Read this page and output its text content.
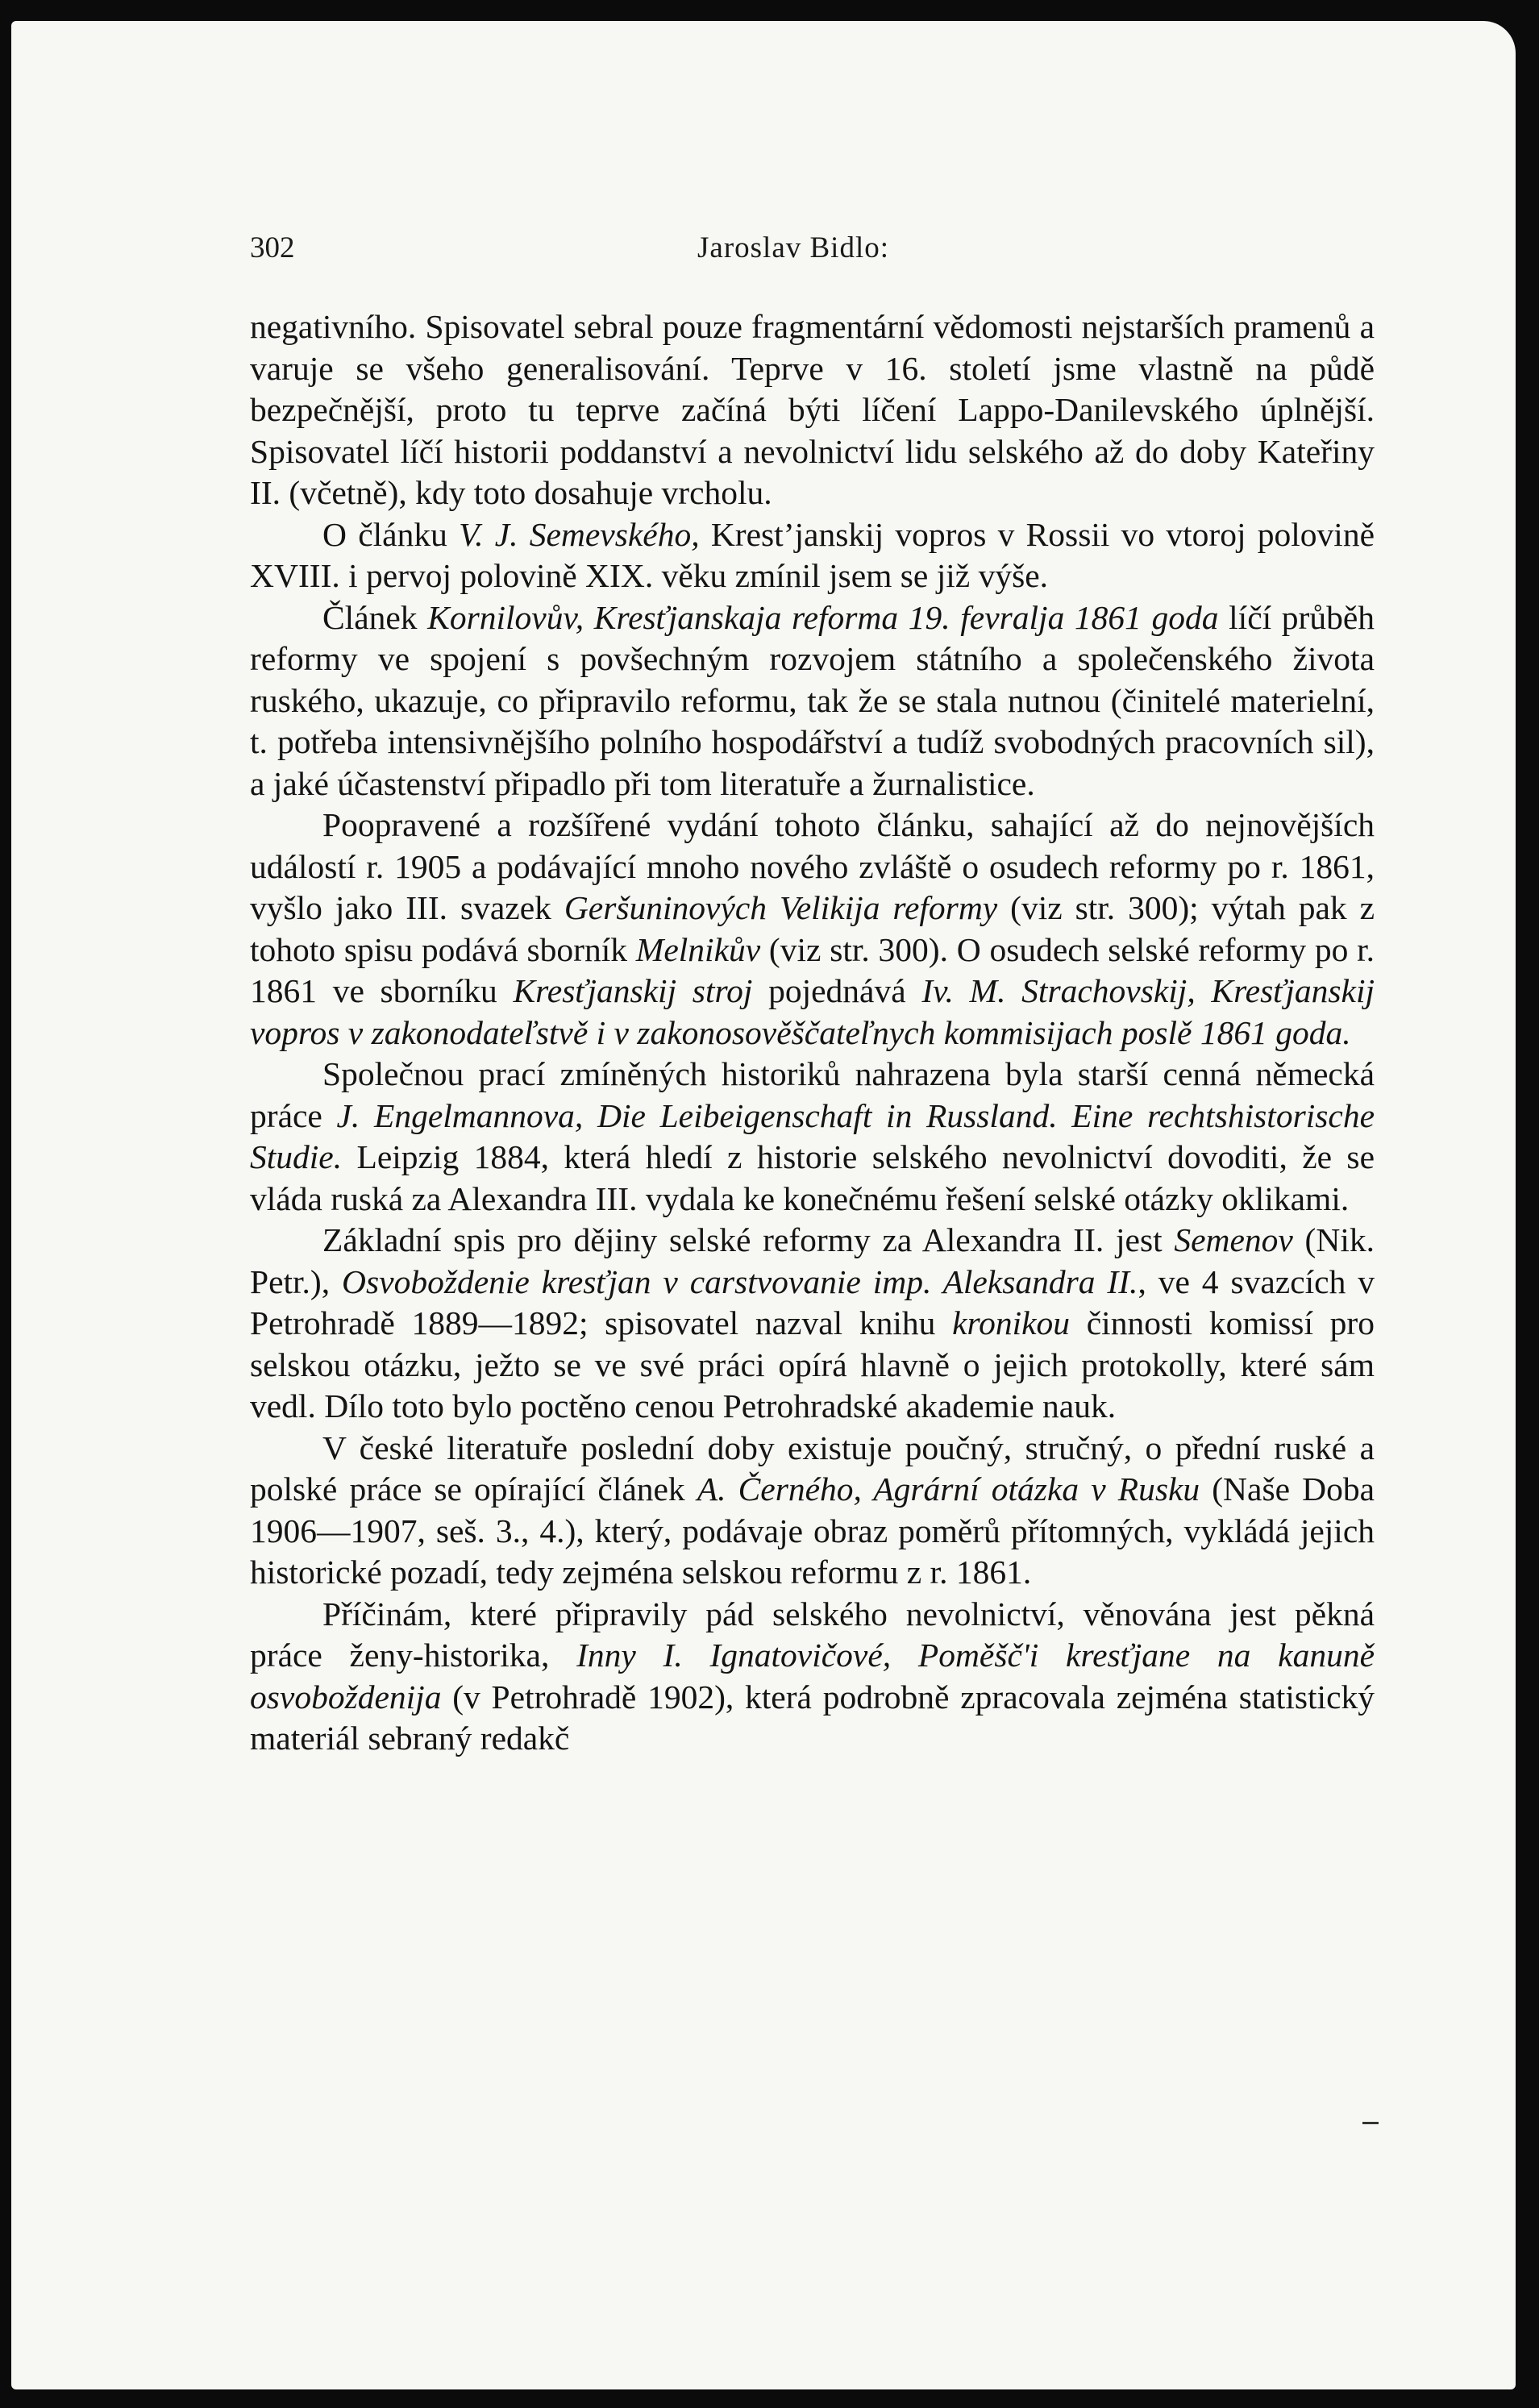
302	Jaroslav Bidlo:

negativního. Spisovatel sebral pouze fragmentární vědomosti nejstarších pramenů a varuje se všeho generalisování. Teprve v 16. století jsme vlastně na půdě bezpečnější, proto tu teprve začíná býti líčení Lappo-Danilevského úplnější. Spisovatel líčí historii poddanství a nevolnictví lidu selského až do doby Kateřiny II. (včetně), kdy toto dosahuje vrcholu.

O článku V. J. Semevského, Krest’janskij vopros v Rossii vo vtoroj polovině XVIII. i pervoj polovině XIX. věku zmínil jsem se již výše.

Článek Kornilovův, Kresťjanskaja reforma 19. fevralja 1861 goda líčí průběh reformy ve spojení s povšechným rozvojem státního a společenského života ruského, ukazuje, co připravilo reformu, tak že se stala nutnou (činitelé materielní, t. potřeba intensivnějšího polního hospodářství a tudíž svobodných pracovních sil), a jaké účastenství připadlo při tom literatuře a žurnalistice.

Poopravené a rozšířené vydání tohoto článku, sahající až do nejnovějších událostí r. 1905 a podávající mnoho nového zvláště o osudech reformy po r. 1861, vyšlo jako III. svazek Geršuninových Velikija reformy (viz str. 300); výtah pak z tohoto spisu podává sborník Melnikův (viz str. 300). O osudech selské reformy po r. 1861 ve sborníku Kresťjanskij stroj pojednává Iv. M. Strachovskij, Kresťjanskij vopros v zakonodateľstvě i v zakonosověščateľnych kommisijach poslě 1861 goda.

Společnou prací zmíněných historiků nahrazena byla starší cenná německá práce J. Engelmannova, Die Leibeigenschaft in Russland. Eine rechtshistorische Studie. Leipzig 1884, která hledí z historie selského nevolnictví dovoditi, že se vláda ruská za Alexandra III. vydala ke konečnému řešení selské otázky oklikami.

Základní spis pro dějiny selské reformy za Alexandra II. jest Semenov (Nik. Petr.), Osvoboždenie kresťjan v carstvovanie imp. Aleksandra II., ve 4 svazcích v Petrohradě 1889—1892; spisovatel nazval knihu kronikou činnosti komissí pro selskou otázku, ježto se ve své práci opírá hlavně o jejich protokolly, které sám vedl. Dílo toto bylo poctěno cenou Petrohradské akademie nauk.

V české literatuře poslední doby existuje poučný, stručný, o přední ruské a polské práce se opírající článek A. Černého, Agrární otázka v Rusku (Naše Doba 1906—1907, seš. 3., 4.), který, podávaje obraz poměrů přítomných, vykládá jejich historické pozadí, tedy zejména selskou reformu z r. 1861.

Příčinám, které připravily pád selského nevolnictví, věnována jest pěkná práce ženy-historika, Inny I. Ignatovičové, Poměšč'i kresťjane na kanuně osvoboždenija (v Petrohradě 1902), která podrobně zpracovala zejména statistický materiál sebraný redakč
